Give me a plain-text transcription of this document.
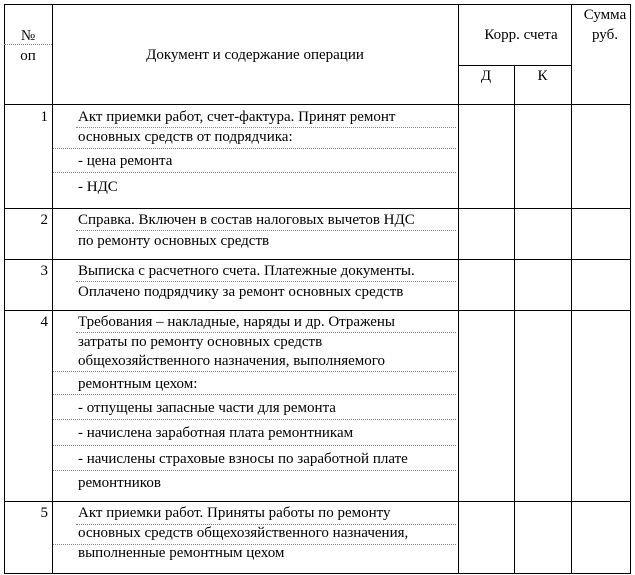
№
оп	Документ и содержание операции
Корр. счета
Д	К
Сумма
руб.
1 Акт приемки работ, счет-фактура. Принят ремонт
основных средств от подрядчика:
- цена ремонта
- НДС
2 Справка. Включен в состав налоговых вычетов НДС
по ремонту основных средств
3 Выписка с расчетного счета. Платежные документы.
Оплачено подрядчику за ремонт основных средств
4 Требования – накладные, наряды и др. Отражены
затраты по ремонту основных средств
общехозяйственного назначения, выполняемого
ремонтным цехом:
- отпущены запасные части для ремонта
- начислена заработная плата ремонтникам
- начислены страховые взносы по заработной плате
ремонтников
5 Акт приемки работ. Приняты работы по ремонту
основных средств общехозяйственного назначения,
выполненные ремонтным цехом
